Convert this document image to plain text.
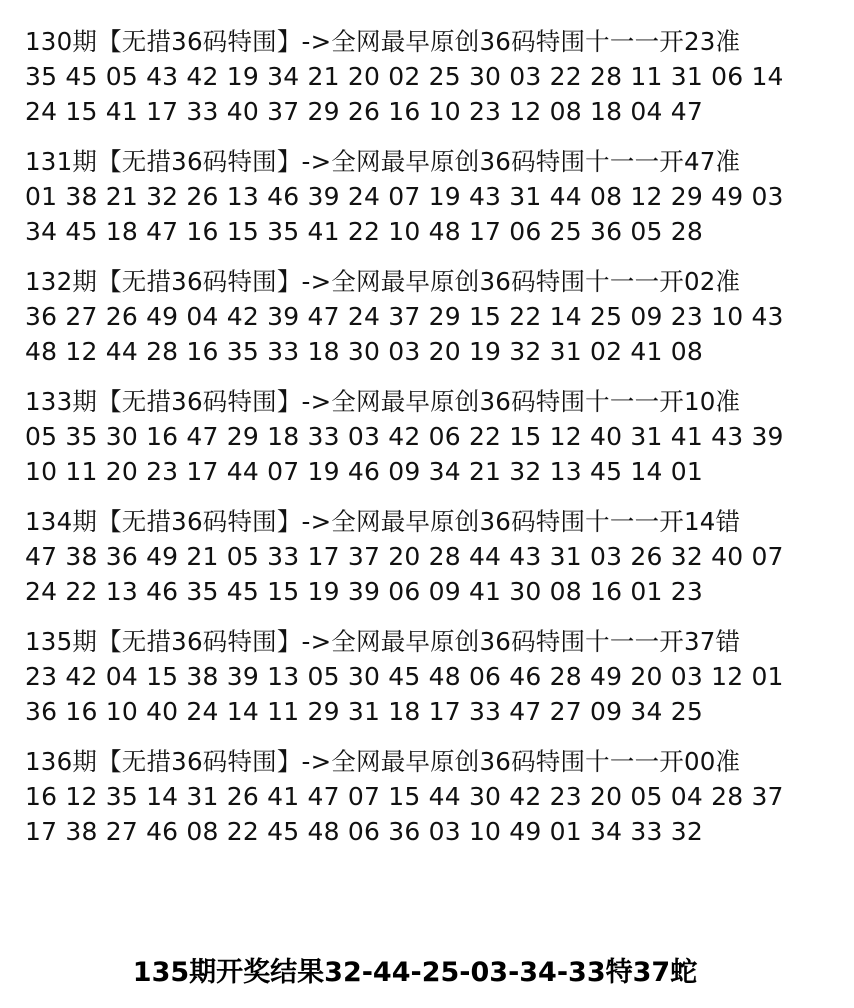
130期【无措36码特围】->全网最早原创36码特围十一一开23准
35 45 05 43 42 19 34 21 20 02 25 30 03 22 28 11 31 06 14
24 15 41 17 33 40 37 29 26 16 10 23 12 08 18 04 47
131期【无措36码特围】->全网最早原创36码特围十一一开47准
01 38 21 32 26 13 46 39 24 07 19 43 31 44 08 12 29 49 03
34 45 18 47 16 15 35 41 22 10 48 17 06 25 36 05 28
132期【无措36码特围】->全网最早原创36码特围十一一开02准
36 27 26 49 04 42 39 47 24 37 29 15 22 14 25 09 23 10 43
48 12 44 28 16 35 33 18 30 03 20 19 32 31 02 41 08
133期【无措36码特围】->全网最早原创36码特围十一一开10准
05 35 30 16 47 29 18 33 03 42 06 22 15 12 40 31 41 43 39
10 11 20 23 17 44 07 19 46 09 34 21 32 13 45 14 01
134期【无措36码特围】->全网最早原创36码特围十一一开14错
47 38 36 49 21 05 33 17 37 20 28 44 43 31 03 26 32 40 07
24 22 13 46 35 45 15 19 39 06 09 41 30 08 16 01 23
135期【无措36码特围】->全网最早原创36码特围十一一开37错
23 42 04 15 38 39 13 05 30 45 48 06 46 28 49 20 03 12 01
36 16 10 40 24 14 11 29 31 18 17 33 47 27 09 34 25
136期【无措36码特围】->全网最早原创36码特围十一一开00准
16 12 35 14 31 26 41 47 07 15 44 30 42 23 20 05 04 28 37
17 38 27 46 08 22 45 48 06 36 03 10 49 01 34 33 32
135期开奖结果32-44-25-03-34-33特37蛇
